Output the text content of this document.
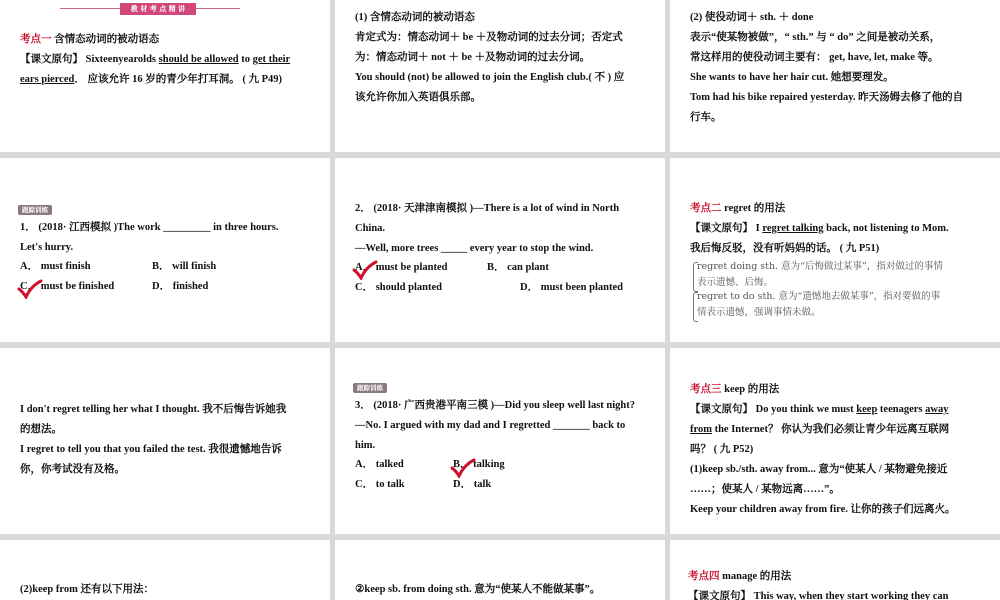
教 材 考 点 精 讲
考点一 含情态动词的被动语态
【课文原句】 Sixteenyearolds should be allowed to get their
ears pierced． 应该允许 16 岁的青少年打耳洞。 ( 九 P49)

(1) 含情态动词的被动语态
肯定式为：情态动词＋ be ＋及物动词的过去分词；否定式
为：情态动词＋ not ＋ be ＋及物动词的过去分词。
You should (not) be allowed to join the English club.( 不 ) 应
该允许你加入英语俱乐部。

(2) 使役动词＋ sth. ＋ done
表示“使某物被做”，“ sth.” 与 “ do” 之间是被动关系，
常这样用的使役动词主要有： get, have, let, make 等。
She wants to have her hair cut. 她想要理发。
Tom had his bike repaired yesterday. 昨天汤姆去修了他的自
行车。

跟踪训练

1． (2018· 江西模拟 )The work _________ in three hours.
Let's hurry.

A． must finish	B． will finish
C． must be finished	D． finished

2． (2018· 天津津南模拟 )—There is a lot of wind in North
China.
—Well, more trees _____ every year to stop the wind.

A． must be planted	B． can plant
C． should planted	D． must been planted
考点二 regret 的用法
【课文原句】 I regret talking back, not listening to Mom.
我后悔反驳，没有听妈妈的话。 ( 九 P51)
regret doing sth. 意为“后悔做过某事”，指对做过的事情
表示遗憾、后悔。
regret to do sth. 意为“遗憾地去做某事”，指对要做的事
情表示遗憾，强调事情未做。

I don't regret telling her what I thought. 我不后悔告诉她我
的想法。
I regret to tell you that you failed the test. 我很遗憾地告诉
你，你考试没有及格。

跟踪训练

3． (2018· 广西贵港平南三模 )—Did you sleep well last night?
—No. I argued with my dad and I regretted _______ back to
him.

A． talked	B． talking
C． to talk	D． talk
考点三 keep 的用法
【课文原句】 Do you think we must keep teenagers away
from the Internet？ 你认为我们必须让青少年远离互联网

吗？ ( 九 P52)
(1)keep sb./sth. away from... 意为“使某人 / 某物避免接近
……；使某人 / 某物远离……”。
Keep your children away from fire. 让你的孩子们远离火。

(2)keep from 还有以下用法：	②keep sb. from doing sth. 意为“使某人不能做某事”。
考点四 manage 的用法
【课文原句】 This way, when they start working they can
